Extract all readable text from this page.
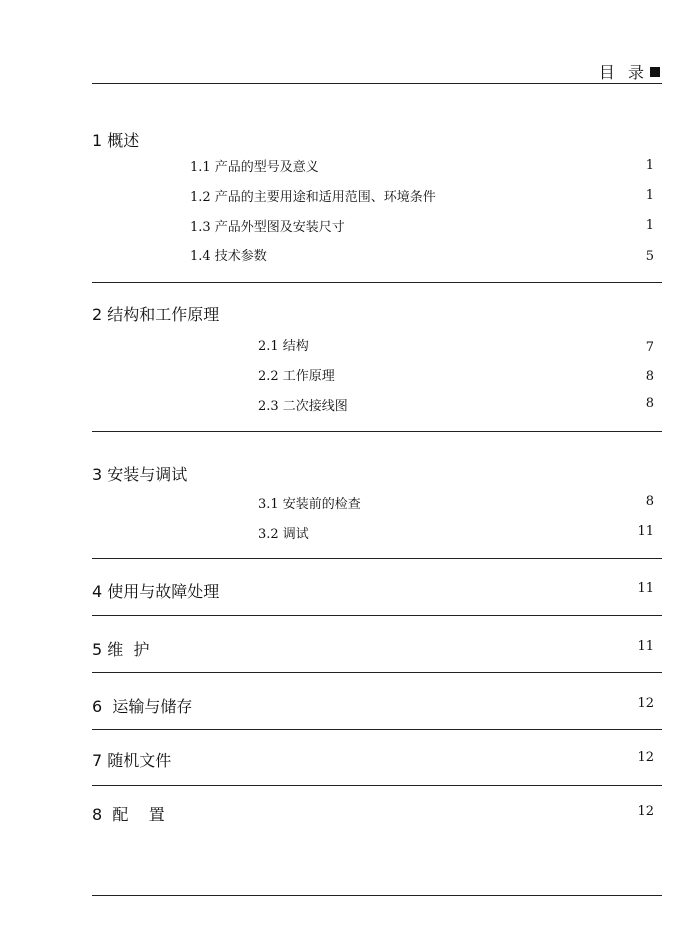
目 录
1 概述
1.1 产品的型号及意义	1
1.2 产品的主要用途和适用范围、环境条件	1
1.3 产品外型图及安装尺寸	1
1.4 技术参数	5
2 结构和工作原理
2.1 结构	7
2.2 工作原理	8
2.3 二次接线图	8
3 安装与调试
3.1 安装前的检查	8
3.2 调试	11
4 使用与故障处理	11
5 维  护	11
6  运输与储存	12
7 随机文件	12
8  配    置	12
